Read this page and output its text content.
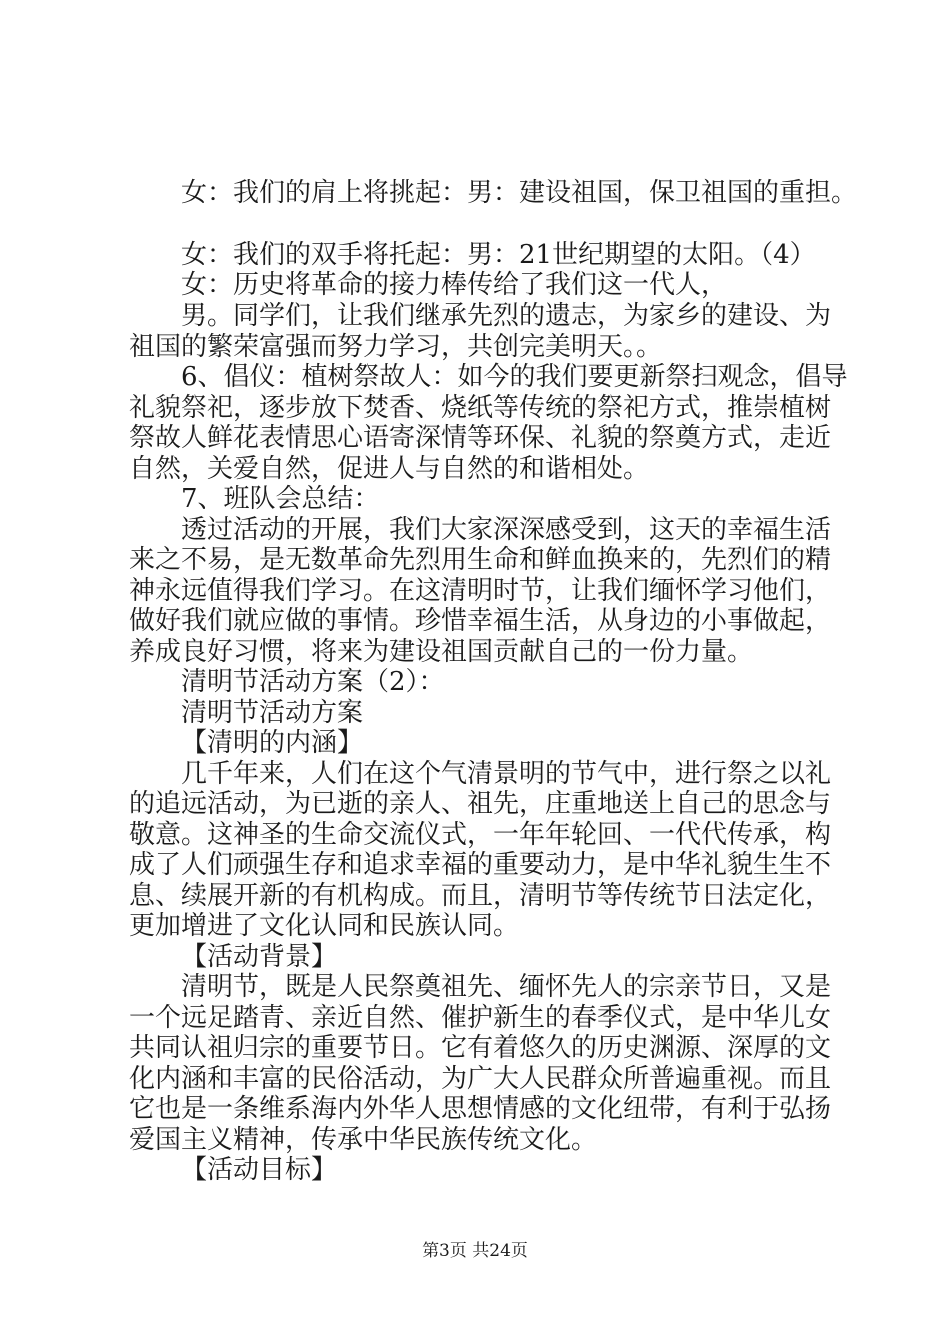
女：我们的肩上将挑起：男：建设祖国，保卫祖国的重担。

女：我们的双手将托起：男：21世纪期望的太阳。（4）

女：历史将革命的接力棒传给了我们这一代人，

男。同学们，让我们继承先烈的遗志，为家乡的建设、为

祖国的繁荣富强而努力学习，共创完美明天。。

6、倡仪：植树祭故人：如今的我们要更新祭扫观念，倡导

礼貌祭祀，逐步放下焚香、烧纸等传统的祭祀方式，推崇植树

祭故人鲜花表情思心语寄深情等环保、礼貌的祭奠方式，走近

自然，关爱自然，促进人与自然的和谐相处。

7、班队会总结：

透过活动的开展，我们大家深深感受到，这天的幸福生活

来之不易，是无数革命先烈用生命和鲜血换来的，先烈们的精

神永远值得我们学习。在这清明时节，让我们缅怀学习他们，

做好我们就应做的事情。珍惜幸福生活，从身边的小事做起，

养成良好习惯，将来为建设祖国贡献自己的一份力量。

清明节活动方案（2）：

清明节活动方案

【清明的内涵】

几千年来，人们在这个气清景明的节气中，进行祭之以礼

的追远活动，为已逝的亲人、祖先，庄重地送上自己的思念与

敬意。这神圣的生命交流仪式，一年年轮回、一代代传承，构

成了人们顽强生存和追求幸福的重要动力，是中华礼貌生生不

息、续展开新的有机构成。而且，清明节等传统节日法定化，

更加增进了文化认同和民族认同。

【活动背景】

清明节，既是人民祭奠祖先、缅怀先人的宗亲节日，又是

一个远足踏青、亲近自然、催护新生的春季仪式，是中华儿女

共同认祖归宗的重要节日。它有着悠久的历史渊源、深厚的文

化内涵和丰富的民俗活动，为广大人民群众所普遍重视。而且

它也是一条维系海内外华人思想情感的文化纽带，有利于弘扬

爱国主义精神，传承中华民族传统文化。

【活动目标】

第3页 共24页
